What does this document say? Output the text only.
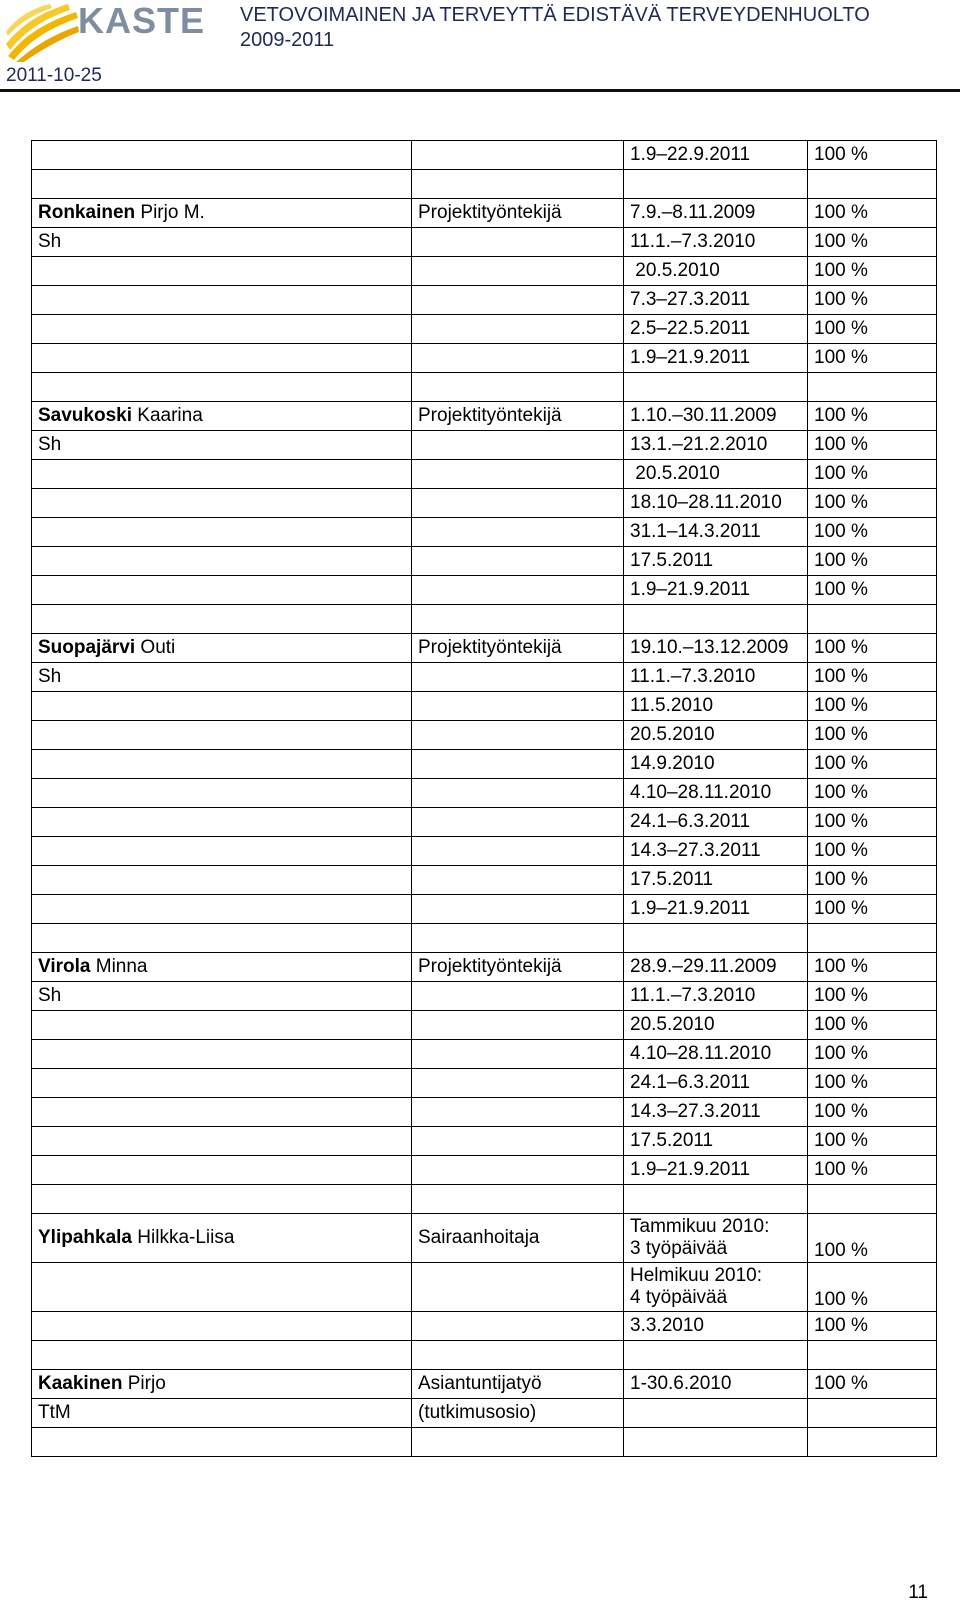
KASTE VETOVOIMAINEN JA TERVEYTTÄ EDISTÄVÄ TERVEYDENHUOLTO
2009-2011
2011-10-25

		1.9–22.9.2011	100 %

Ronkainen Pirjo M.	Projektityöntekijä	7.9.–8.11.2009	100 %
Sh		11.1.–7.3.2010	100 %

		20.5.2010	100 %

		7.3–27.3.2011	100 %

		2.5–22.5.2011	100 %

		1.9–21.9.2011	100 %

Savukoski Kaarina	Projektityöntekijä	1.10.–30.11.2009	100 %
Sh		13.1.–21.2.2010	100 %

		20.5.2010	100 %

		18.10–28.11.2010	100 %

		31.1–14.3.2011	100 %

		17.5.2011	100 %

		1.9–21.9.2011	100 %

Suopajärvi Outi	Projektityöntekijä	19.10.–13.12.2009	100 %
Sh		11.1.–7.3.2010	100 %

		11.5.2010	100 %

		20.5.2010	100 %

		14.9.2010	100 %

		4.10–28.11.2010	100 %

		24.1–6.3.2011	100 %

		14.3–27.3.2011	100 %

		17.5.2011	100 %

		1.9–21.9.2011	100 %

Virola Minna	Projektityöntekijä	28.9.–29.11.2009	100 %
Sh		11.1.–7.3.2010	100 %

		20.5.2010	100 %

		4.10–28.11.2010	100 %

		24.1–6.3.2011	100 %

		14.3–27.3.2011	100 %

		17.5.2011	100 %

		1.9–21.9.2011	100 %

Ylipahkala Hilkka-Liisa	Sairaanhoitaja	Tammikuu 2010:
3 työpäivää	100 %

		Helmikuu 2010:
4 työpäivää	100 %

		3.3.2010	100 %

Kaakinen Pirjo	Asiantuntijatyö	1-30.6.2010	100 %
TtM	(tutkimusosio)	

11
